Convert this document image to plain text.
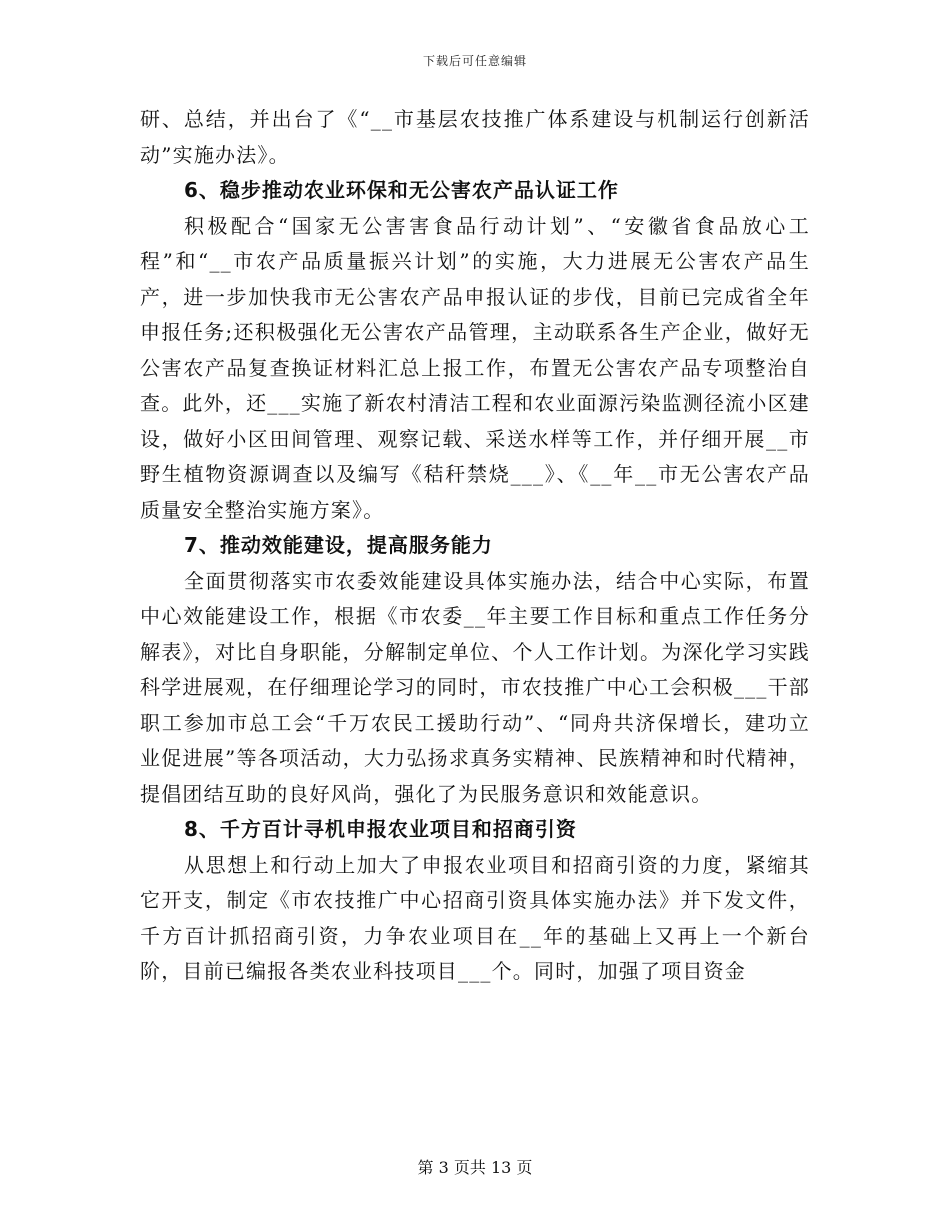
下载后可任意编辑

研、总结，并出台了《“__市基层农技推广体系建设与机制运行创新活动”实施办法》。

6、稳步推动农业环保和无公害农产品认证工作

积极配合“国家无公害害食品行动计划”、“安徽省食品放心工程”和“__市农产品质量振兴计划”的实施，大力进展无公害农产品生产，进一步加快我市无公害农产品申报认证的步伐，目前已完成省全年申报任务;还积极强化无公害农产品管理，主动联系各生产企业，做好无公害农产品复查换证材料汇总上报工作，布置无公害农产品专项整治自查。此外，还___实施了新农村清洁工程和农业面源污染监测径流小区建设，做好小区田间管理、观察记载、采送水样等工作，并仔细开展__市野生植物资源调查以及编写《秸秆禁烧___》、《__年__市无公害农产品质量安全整治实施方案》。

7、推动效能建设，提高服务能力

全面贯彻落实市农委效能建设具体实施办法，结合中心实际，布置中心效能建设工作，根据《市农委__年主要工作目标和重点工作任务分解表》，对比自身职能，分解制定单位、个人工作计划。为深化学习实践科学进展观，在仔细理论学习的同时，市农技推广中心工会积极___干部职工参加市总工会“千万农民工援助行动”、“同舟共济保增长，建功立业促进展”等各项活动，大力弘扬求真务实精神、民族精神和时代精神，提倡团结互助的良好风尚，强化了为民服务意识和效能意识。

8、千方百计寻机申报农业项目和招商引资

从思想上和行动上加大了申报农业项目和招商引资的力度，紧缩其它开支，制定《市农技推广中心招商引资具体实施办法》并下发文件，千方百计抓招商引资，力争农业项目在__年的基础上又再上一个新台阶，目前已编报各类农业科技项目___个。同时，加强了项目资金

第 3 页共 13 页
